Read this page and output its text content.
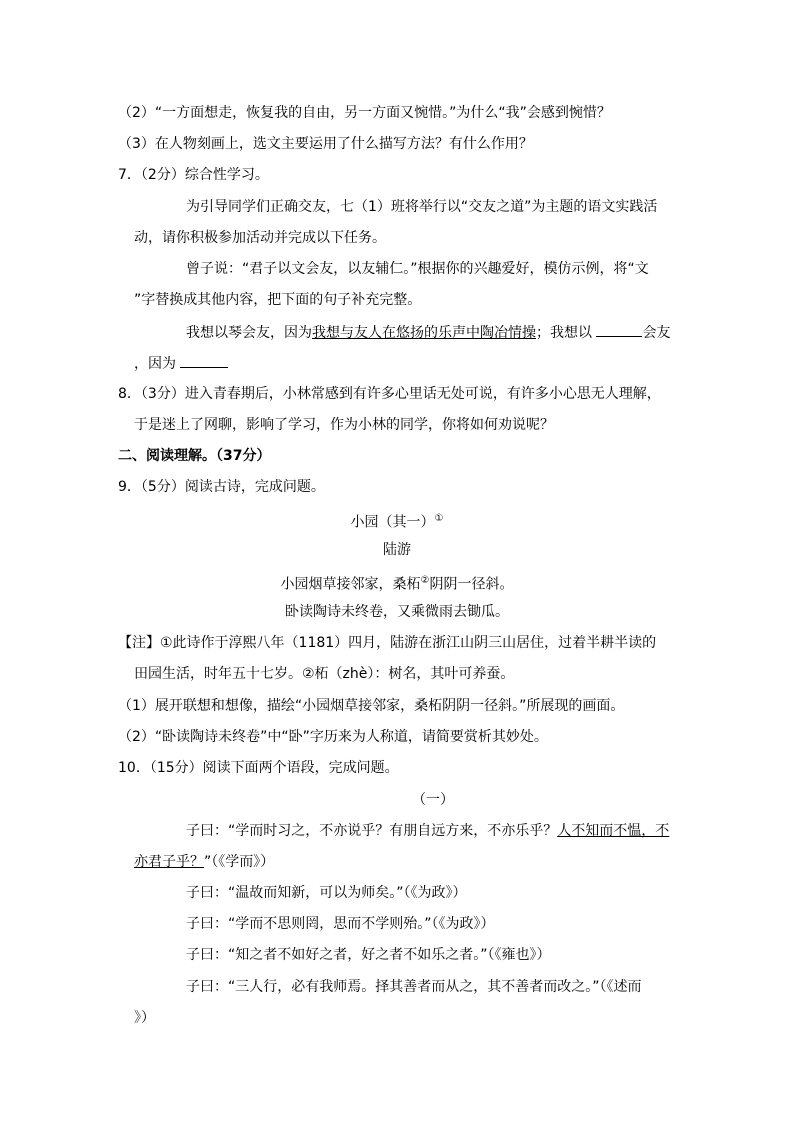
（2）“一方面想走，恢复我的自由，另一方面又惋惜。”为什么“我”会感到惋惜？
（3）在人物刻画上，选文主要运用了什么描写方法？有什么作用？
7．（2分）综合性学习。
为引导同学们正确交友，七（1）班将举行以“交友之道”为主题的语文实践活
动，请你积极参加活动并完成以下任务。
曾子说：“君子以文会友，以友辅仁。”根据你的兴趣爱好，模仿示例，将“文
”字替换成其他内容，把下面的句子补充完整。
我想以琴会友，因为我想与友人在悠扬的乐声中陶冶情操；我想以	会友
，因为
8．（3分）进入青春期后，小林常感到有许多心里话无处可说，有许多小心思无人理解，
于是迷上了网聊，影响了学习，作为小林的同学，你将如何劝说呢？
二、阅读理解。（37分）
9．（5分）阅读古诗，完成问题。
小园（其一）①
陆游
小园烟草接邻家，桑柘②阴阴一径斜。
卧读陶诗未终卷，又乘微雨去锄瓜。
【注】①此诗作于淳熙八年（1181）四月，陆游在浙江山阴三山居住，过着半耕半读的
田园生活，时年五十七岁。②柘（zhè）：树名，其叶可养蚕。
（1）展开联想和想像，描绘“小园烟草接邻家，桑柘阴阴一径斜。”所展现的画面。
（2）“卧读陶诗未终卷”中“卧”字历来为人称道，请简要赏析其妙处。
10．（15分）阅读下面两个语段，完成问题。
（一）
子曰：“学而时习之，不亦说乎？有朋自远方来，不亦乐乎？人不知而不愠，不
亦君子乎？”（《学而》）
子曰：“温故而知新，可以为师矣。”（《为政》）
子曰：“学而不思则罔，思而不学则殆。”（《为政》）
子曰：“知之者不如好之者，好之者不如乐之者。”（《雍也》）
子曰：“三人行，必有我师焉。择其善者而从之，其不善者而改之。”（《述而
》）
